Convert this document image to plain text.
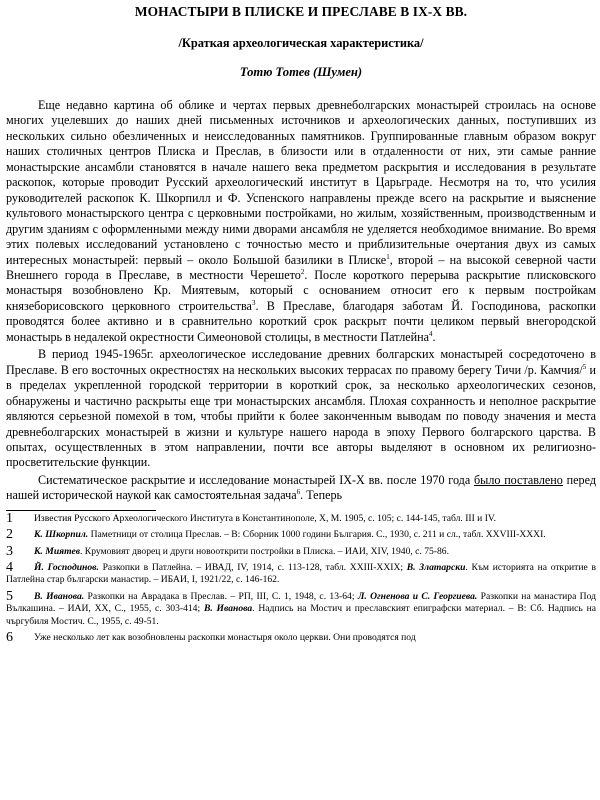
МОНАСТЫРИ В ПЛИСКЕ И ПРЕСЛАВЕ В IX-X ВВ.
/Краткая археологическая характеристика/
Тотю Тотев (Шумен)

Еще недавно картина об облике и чертах первых древнеболгарских монастырей строилась на основе многих уцелевших до наших дней письменных источников и археологических данных, поступивших из нескольких сильно обезличенных и неисследованных памятников. Группированные главным образом вокруг наших столичных центров Плиска и Преслав, в близости или в отдаленности от них, эти самые ранние монастырские ансамбли становятся в начале нашего века предметом раскрытия и исследования в результате раскопок, которые проводит Русский археологический институт в Царьграде. Несмотря на то, что усилия руководителей раскопок К. Шкорпилл и Ф. Успенского направлены прежде всего на раскрытие и выяснение культового монастырского центра с церковными постройками, но жилым, хозяйственным, производственным и другим зданиям с оформленными между ними дворами ансамбля не уделяется необходимое внимание. Во время этих полевых исследований установлено с точностью место и приблизительные очертания двух из самых интересных монастырей: первый – около Большой базилики в Плиске$^1$, второй – на высокой северной части Внешнего города в Преславе, в местности Черешето$^2$. После короткого перерыва раскрытие плисковского монастыря возобновлено Кр. Миятевым, который с основанием относит его к первым постройкам князеборисовского церковного строительства$^3$. В Преславе, благодаря заботам Й. Господиновa, раскопки проводятся более активно и в сравнительно короткий срок раскрыт почти целиком первый внегородской монастырь в недалекой окрестности Симеоновой столицы, в местности Патлейна$^4$.

В период 1945-1965г. археологическое исследование древних болгарских монастырей сосредоточено в Преславе. В его восточных окрестностях на нескольких высоких террасах по правому берегу Тичи /р. Камчия/$^5$ и в пределах укрепленной городской территории в короткий срок, за несколько археологических сезонов, обнаружены и частично раскрыты еще три монастырских ансамбля. Плохая сохранность и неполное раскрытие являются серьезной помехой в том, чтобы прийти к более законченным выводам по поводу значения и места древнеболгарских монастырей в жизни и культуре нашего народа в эпоху Первого болгарского царства. В опытах, осуществленных в этом направлении, почти все авторы выделяют в основном их религиозно-просветительские функции.

Систематическое раскрытие и исследование монастырей IX-X вв. после 1970 года было поставлено перед нашей исторической наукой как самостоятельная задача$^6$. Теперь

1 Известия Русского Археологического Института в Константинополе, X, М. 1905, с. 105; с. 144-145, табл. III и IV.
2 К. Шкорпил. Паметници от столица Преслав. – В: Сборник 1000 години България. С., 1930, с. 211 и сл., табл. XXVIII-XXXI.
3 К. Миятев. Крумовият дворец и други новооткрити постройки в Плиска. – ИАИ, XIV, 1940, с. 75-86.
4 Й. Господинов. Разкопки в Патлейна. – ИВАД, IV, 1914, с. 113-128, табл. XXIII-XXIX; В. Златарски. Към историята на откритие в Патлейна стар български манастир. – ИБАИ, I, 1921/22, с. 146-162.
5 В. Иванова. Разкопки на Аврадака в Преслав. – РП, III, С. 1, 1948, с. 13-64; Л. Огненова и С. Георгиева. Разкопки на манастира Под Вълкашина. – ИАИ, XX, С., 1955, с. 303-414; В. Иванова. Надпись на Мостич и преславският епиграфски материал. – В: Сб. Надпись на чъргубиля Мостич. С., 1955, с. 49-51.
6 Уже несколько лет как возобновлены раскопки монастыря около церкви. Они проводятся под
